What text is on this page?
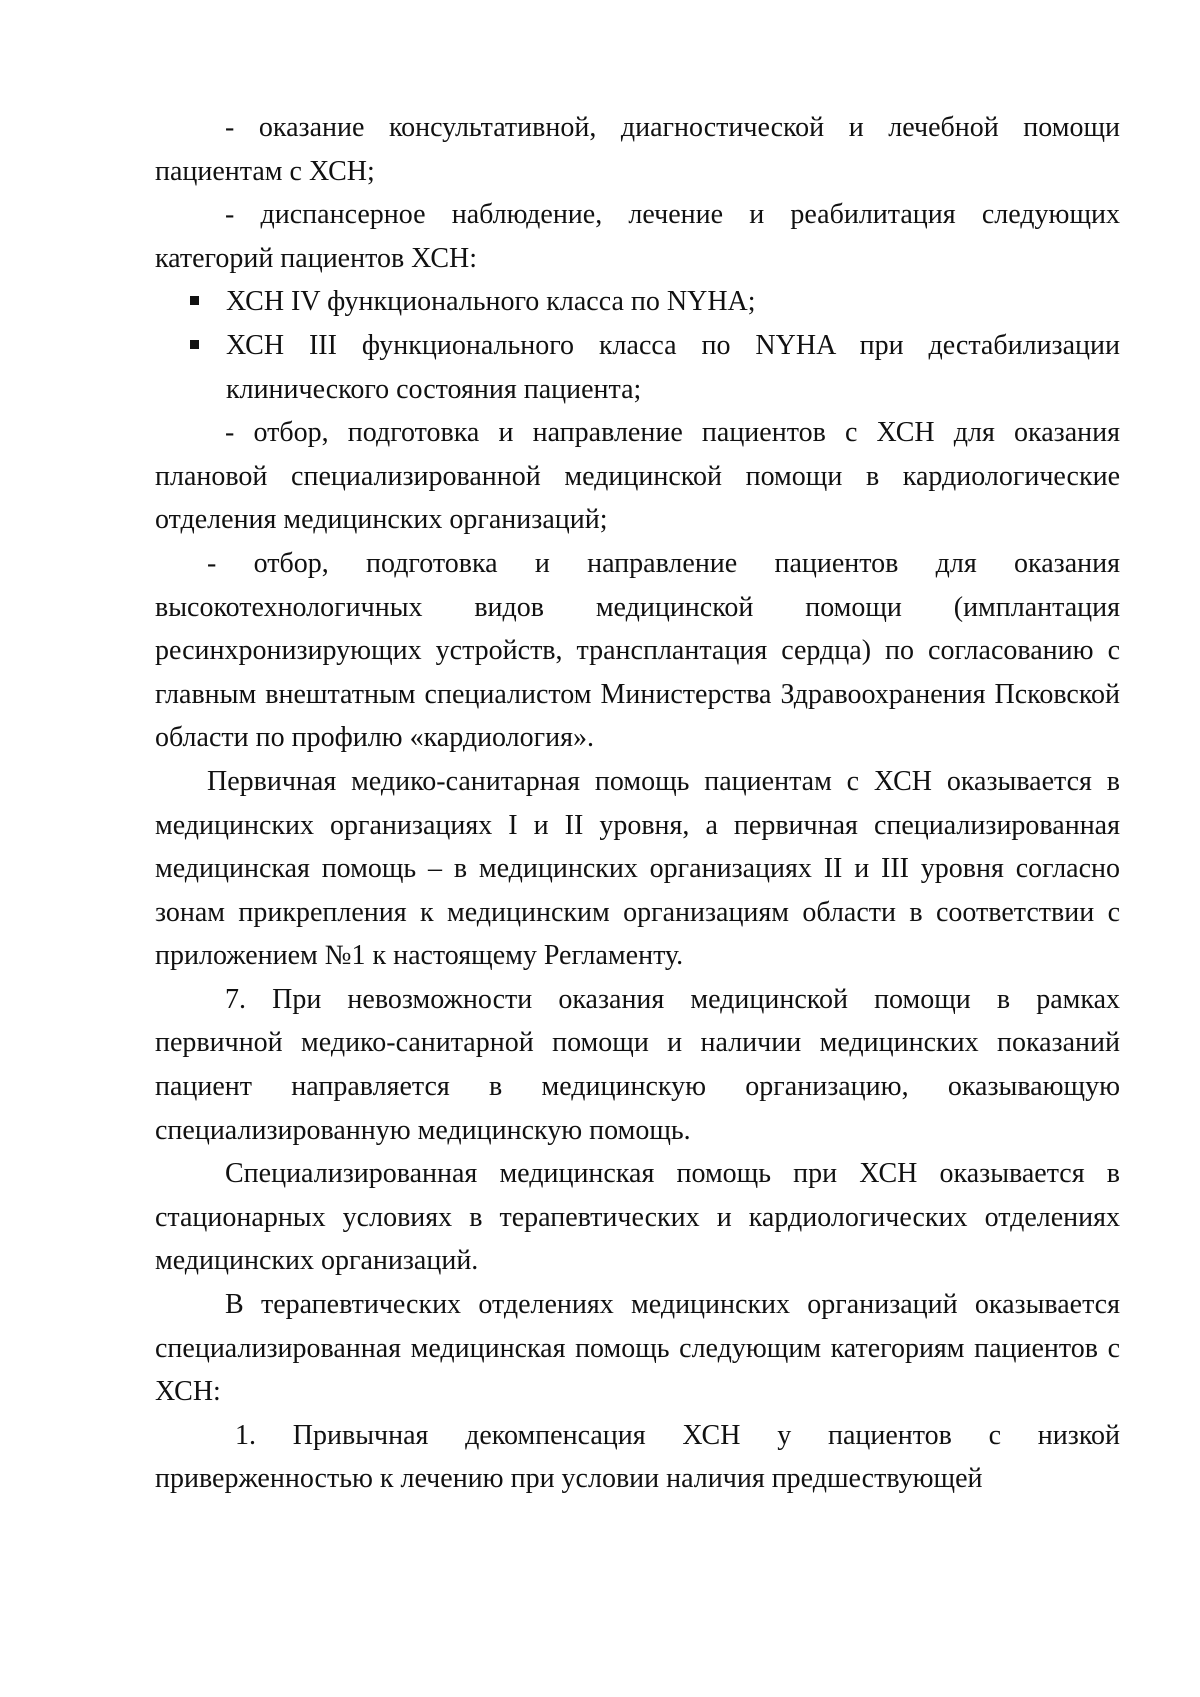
- оказание консультативной, диагностической и лечебной помощи пациентам с ХСН;

- диспансерное наблюдение, лечение и реабилитация следующих категорий пациентов ХСН:

ХСН IV функционального класса по NYHA;
ХСН III функционального класса по NYHA при дестабилизации клинического состояния пациента;

- отбор, подготовка и направление пациентов с ХСН для оказания плановой специализированной медицинской помощи в кардиологические отделения медицинских организаций;

- отбор, подготовка и направление пациентов для оказания высокотехнологичных видов медицинской помощи (имплантация ресинхронизирующих устройств, трансплантация сердца) по согласованию с главным внештатным специалистом Министерства Здравоохранения Псковской области по профилю «кардиология».

Первичная медико-санитарная помощь пациентам с ХСН оказывается в медицинских организациях I и II уровня, а первичная специализированная медицинская помощь – в медицинских организациях II и III уровня согласно зонам прикрепления к медицинским организациям области в соответствии с приложением №1 к настоящему Регламенту.

7. При невозможности оказания медицинской помощи в рамках первичной медико-санитарной помощи и наличии медицинских показаний пациент направляется в медицинскую организацию, оказывающую специализированную медицинскую помощь.

Специализированная медицинская помощь при ХСН оказывается в стационарных условиях в терапевтических и кардиологических отделениях медицинских организаций.

В терапевтических отделениях медицинских организаций оказывается специализированная медицинская помощь следующим категориям пациентов с ХСН:

1. Привычная декомпенсация ХСН у пациентов с низкой приверженностью к лечению при условии наличия предшествующей
